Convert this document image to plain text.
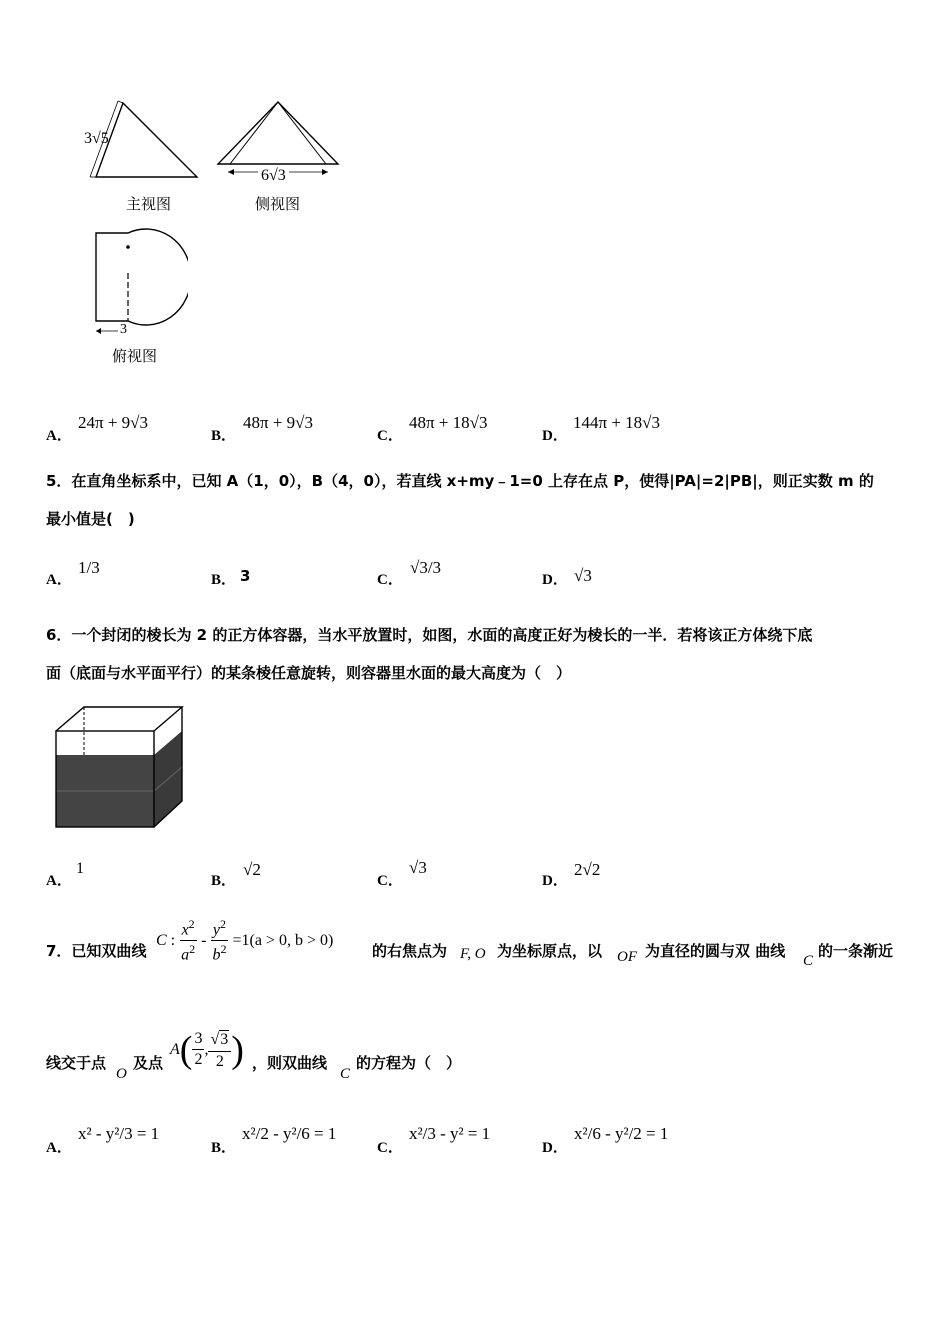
3√5
主视图
6√3
侧视图
3
俯视图
A．
24π + 9√3
B．
48π + 9√3
C．
48π + 18√3
D．
144π + 18√3
5．在直角坐标系中，已知 A（1，0），B（4，0），若直线 x+my﹣1=0 上存在点 P，使得|PA|=2|PB|，则正实数 m 的
最小值是(　)
A．
1/3
B． 3	C．
√3/3
D． √3
6．一个封闭的棱长为 2 的正方体容器，当水平放置时，如图，水面的高度正好为棱长的一半．若将该正方体绕下底
面（底面与水平面平行）的某条棱任意旋转，则容器里水面的最大高度为（　）
A．
1
B．
√2
C．
√3
D．
2√2
7．已知双曲线
C : $\frac{x^2}{a^2} - \frac{y^2}{b^2} =1$ (a > 0, b > 0)
的右焦点为 F, O 为坐标原点，以 OF 为直径的圆与双 曲线
C
的一条渐近
线交于点
O
及点
A ( $\frac{3}{2}$ , $\frac{√3}{2}$ ) ，则双曲线
C
的方程为（　）
A．
x² - y²/3 = 1
B．
x²/2 - y²/6 = 1
C．
x²/3 - y² = 1
D．
x²/6 - y²/2 = 1
